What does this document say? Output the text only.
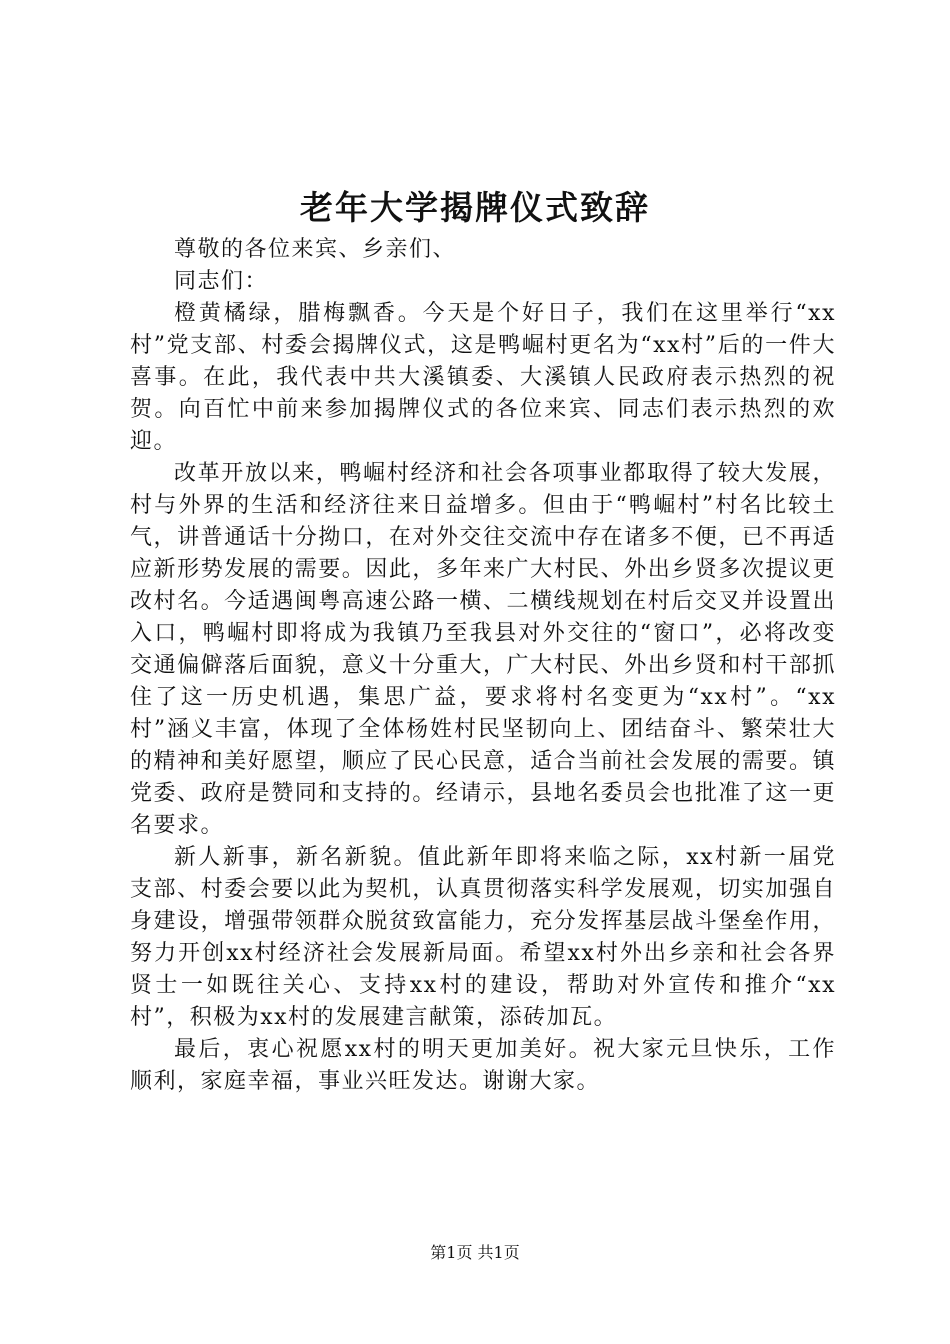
老年大学揭牌仪式致辞

尊敬的各位来宾、乡亲们、

同志们：

橙黄橘绿，腊梅飘香。今天是个好日子，我们在这里举行“xx村”党支部、村委会揭牌仪式，这是鸭崛村更名为“xx村”后的一件大喜事。在此，我代表中共大溪镇委、大溪镇人民政府表示热烈的祝贺。向百忙中前来参加揭牌仪式的各位来宾、同志们表示热烈的欢迎。

改革开放以来，鸭崛村经济和社会各项事业都取得了较大发展，村与外界的生活和经济往来日益增多。但由于“鸭崛村”村名比较土气，讲普通话十分拗口，在对外交往交流中存在诸多不便，已不再适应新形势发展的需要。因此，多年来广大村民、外出乡贤多次提议更改村名。今适遇闽粤高速公路一横、二横线规划在村后交叉并设置出入口，鸭崛村即将成为我镇乃至我县对外交往的“窗口”，必将改变交通偏僻落后面貌，意义十分重大，广大村民、外出乡贤和村干部抓住了这一历史机遇，集思广益，要求将村名变更为“xx村”。“xx村”涵义丰富，体现了全体杨姓村民坚韧向上、团结奋斗、繁荣壮大的精神和美好愿望，顺应了民心民意，适合当前社会发展的需要。镇党委、政府是赞同和支持的。经请示，县地名委员会也批准了这一更名要求。

新人新事，新名新貌。值此新年即将来临之际，xx村新一届党支部、村委会要以此为契机，认真贯彻落实科学发展观，切实加强自身建设，增强带领群众脱贫致富能力，充分发挥基层战斗堡垒作用，努力开创xx村经济社会发展新局面。希望xx村外出乡亲和社会各界贤士一如既往关心、支持xx村的建设，帮助对外宣传和推介“xx村”，积极为xx村的发展建言献策，添砖加瓦。

最后，衷心祝愿xx村的明天更加美好。祝大家元旦快乐，工作顺利，家庭幸福，事业兴旺发达。谢谢大家。

第1页 共1页
